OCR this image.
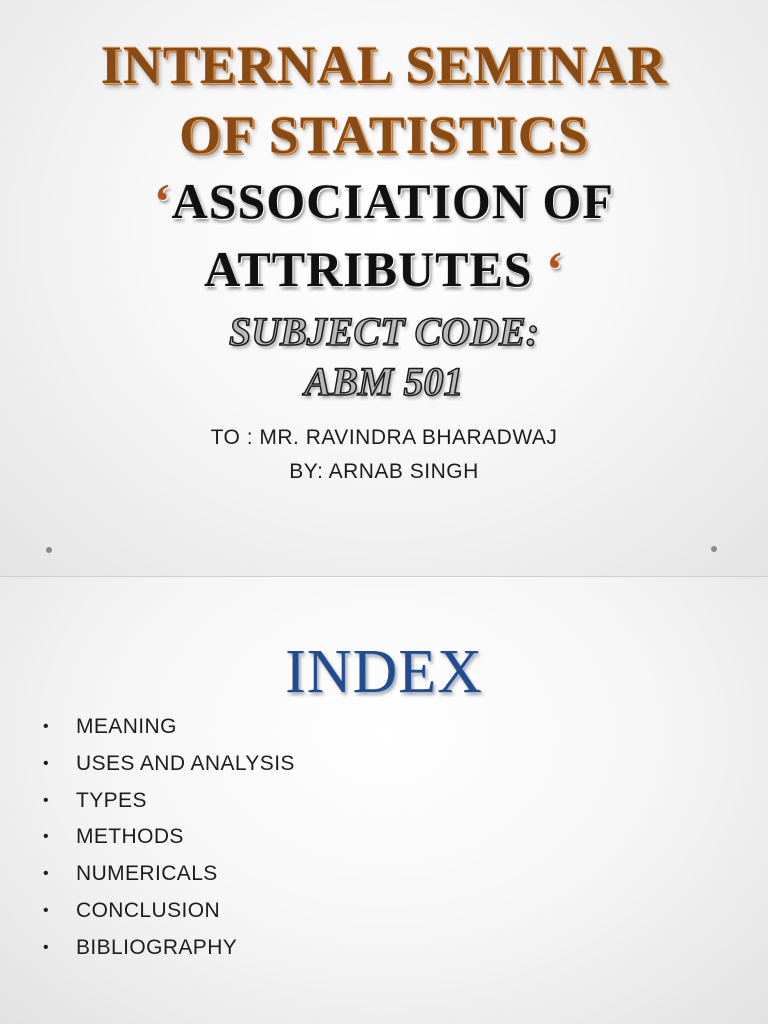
INTERNAL SEMINAR
OF STATISTICS
‘ASSOCIATION OF
ATTRIBUTES ‘
SUBJECT CODE:
ABM 501
TO : MR. RAVINDRA BHARADWAJ
BY: ARNAB SINGH
INDEX
• MEANING
• USES AND ANALYSIS
• TYPES
• METHODS
• NUMERICALS
• CONCLUSION
• BIBLIOGRAPHY
